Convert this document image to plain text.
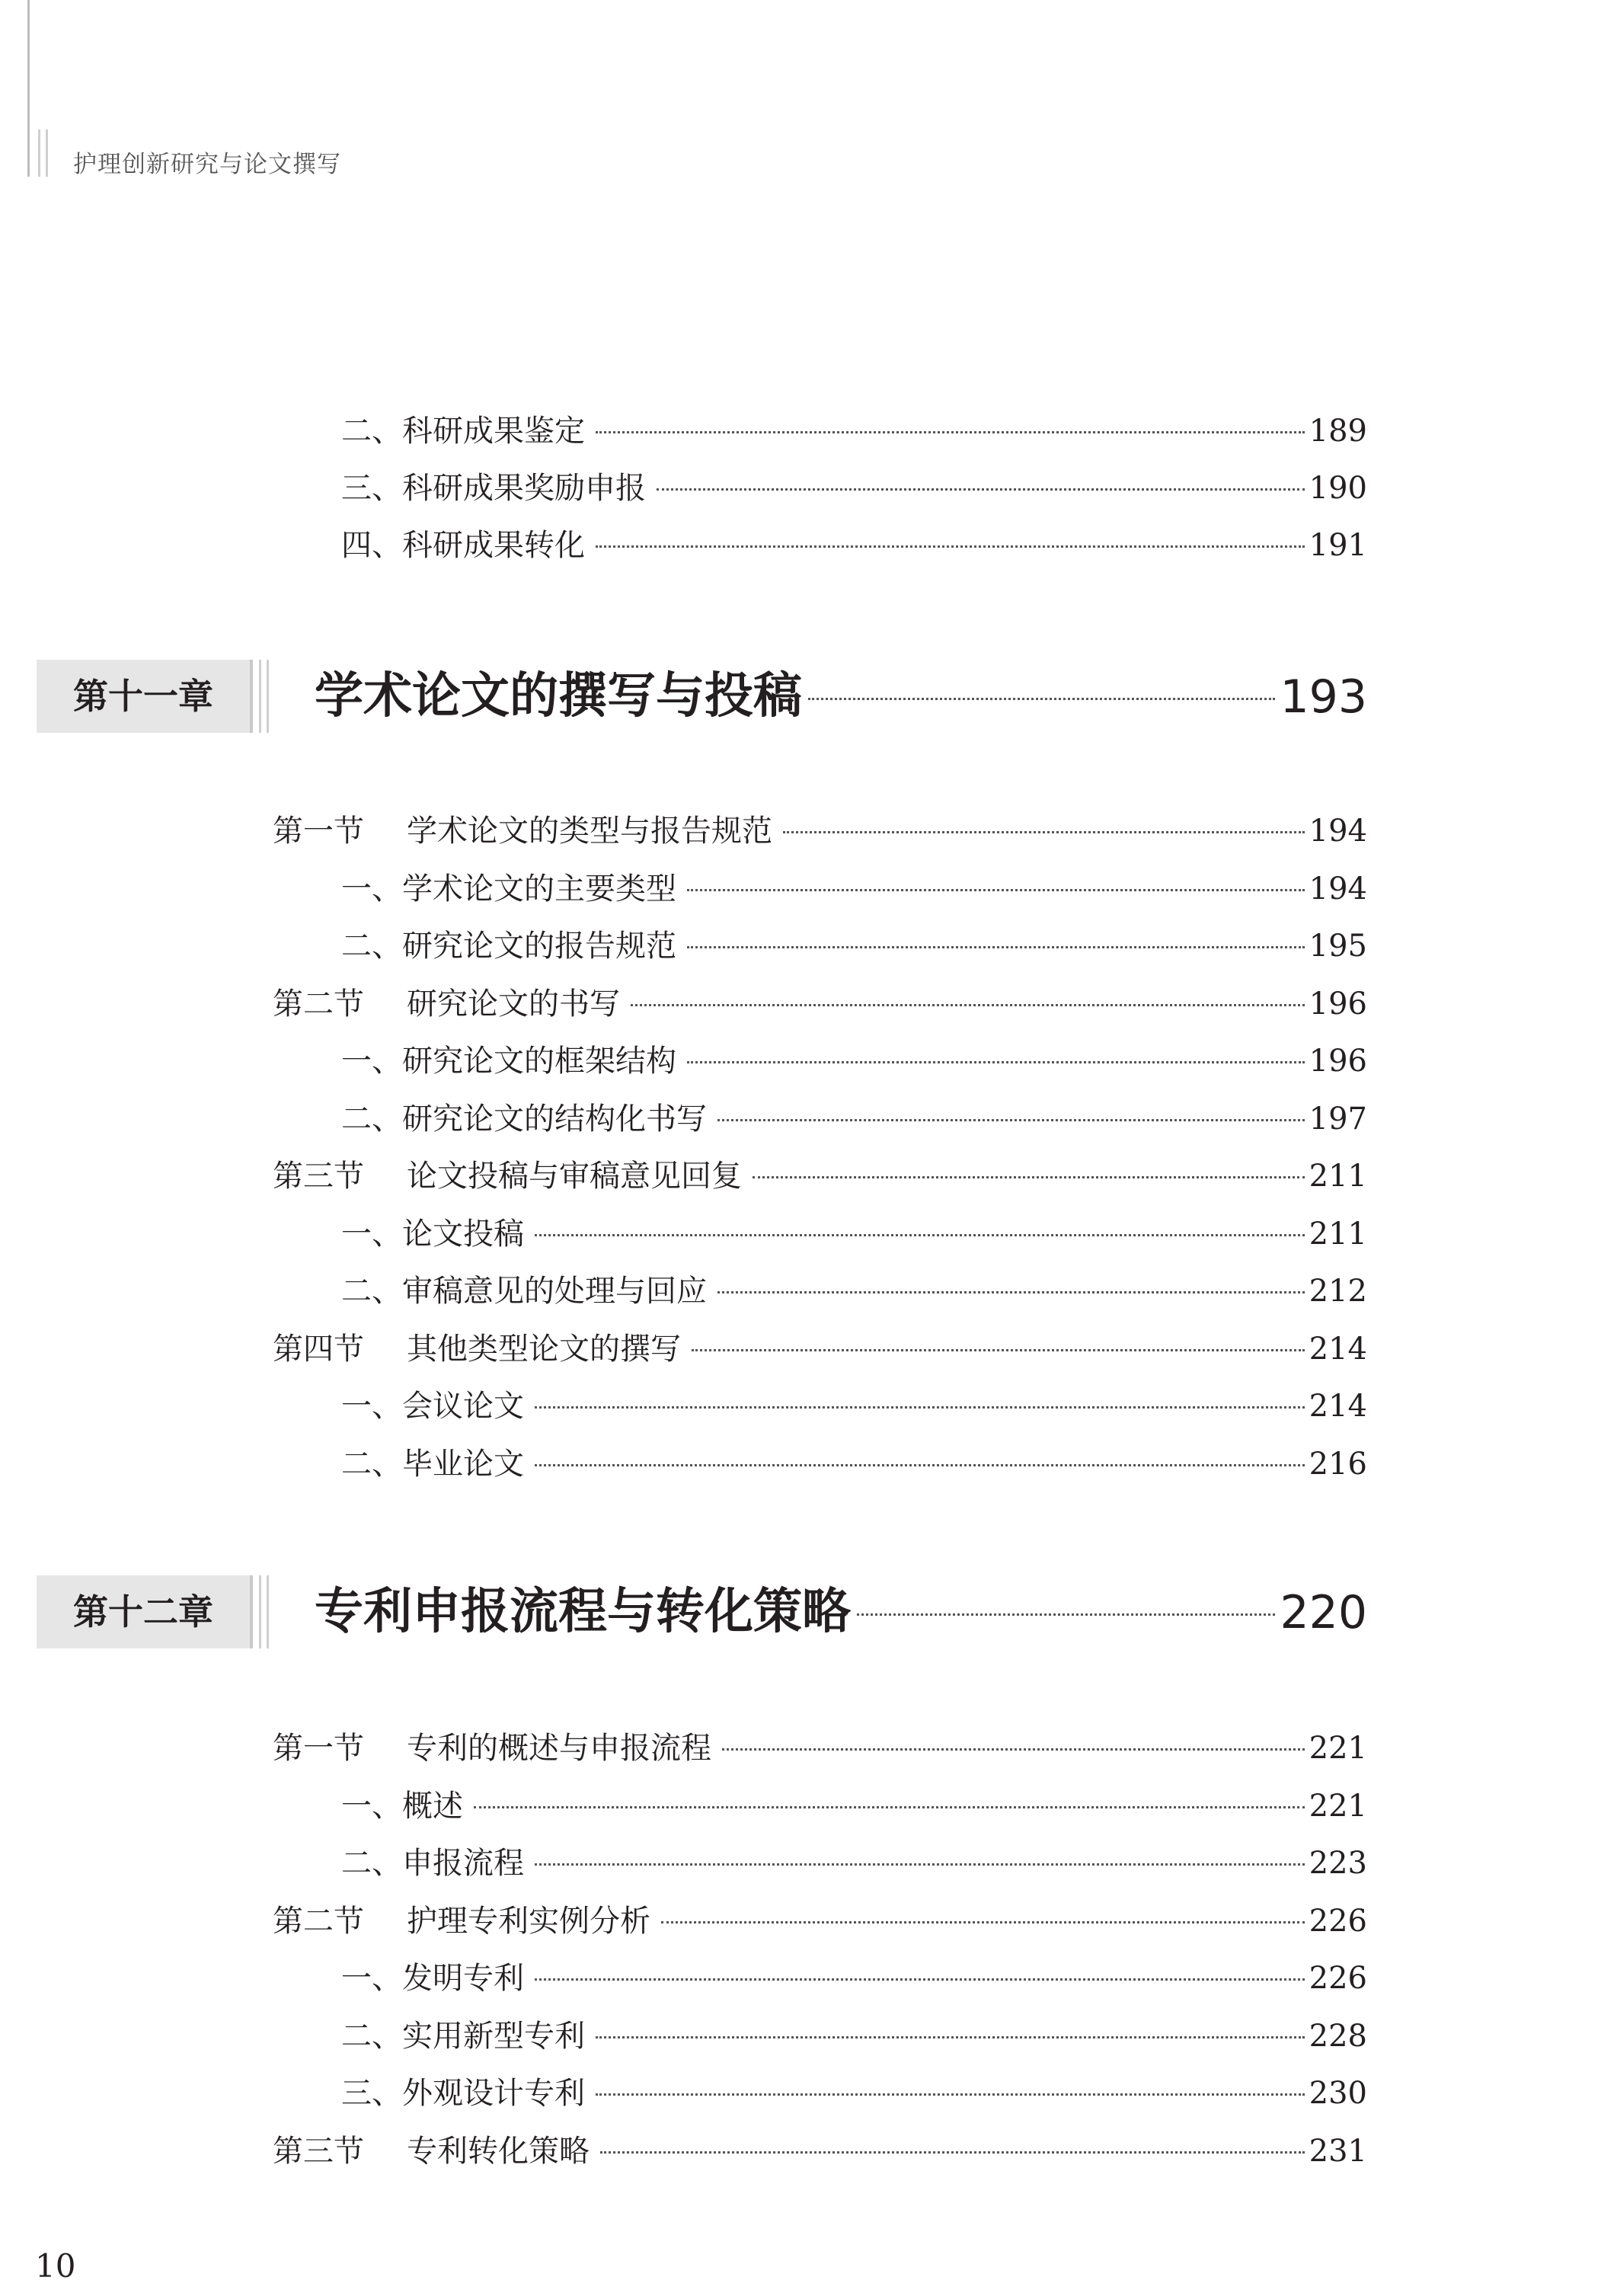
护理创新研究与论文撰写
二、 科研成果鉴定	189
三、 科研成果奖励申报	190
四、 科研成果转化	191
第十一章	学术论文的撰写与投稿	193
第一节	学术论文的类型与报告规范	194
一、 学术论文的主要类型	194
二、 研究论文的报告规范	195
第二节	研究论文的书写	196
一、 研究论文的框架结构	196
二、 研究论文的结构化书写	197
第三节	论文投稿与审稿意见回复	211
一、 论文投稿	211
二、 审稿意见的处理与回应	212
第四节	其他类型论文的撰写	214
一、 会议论文	214
二、 毕业论文	216
第十二章	专利申报流程与转化策略	220
第一节	专利的概述与申报流程	221
一、 概述	221
二、 申报流程	223
第二节	护理专利实例分析	226
一、 发明专利	226
二、 实用新型专利	228
三、 外观设计专利	230
第三节	专利转化策略	231
10
